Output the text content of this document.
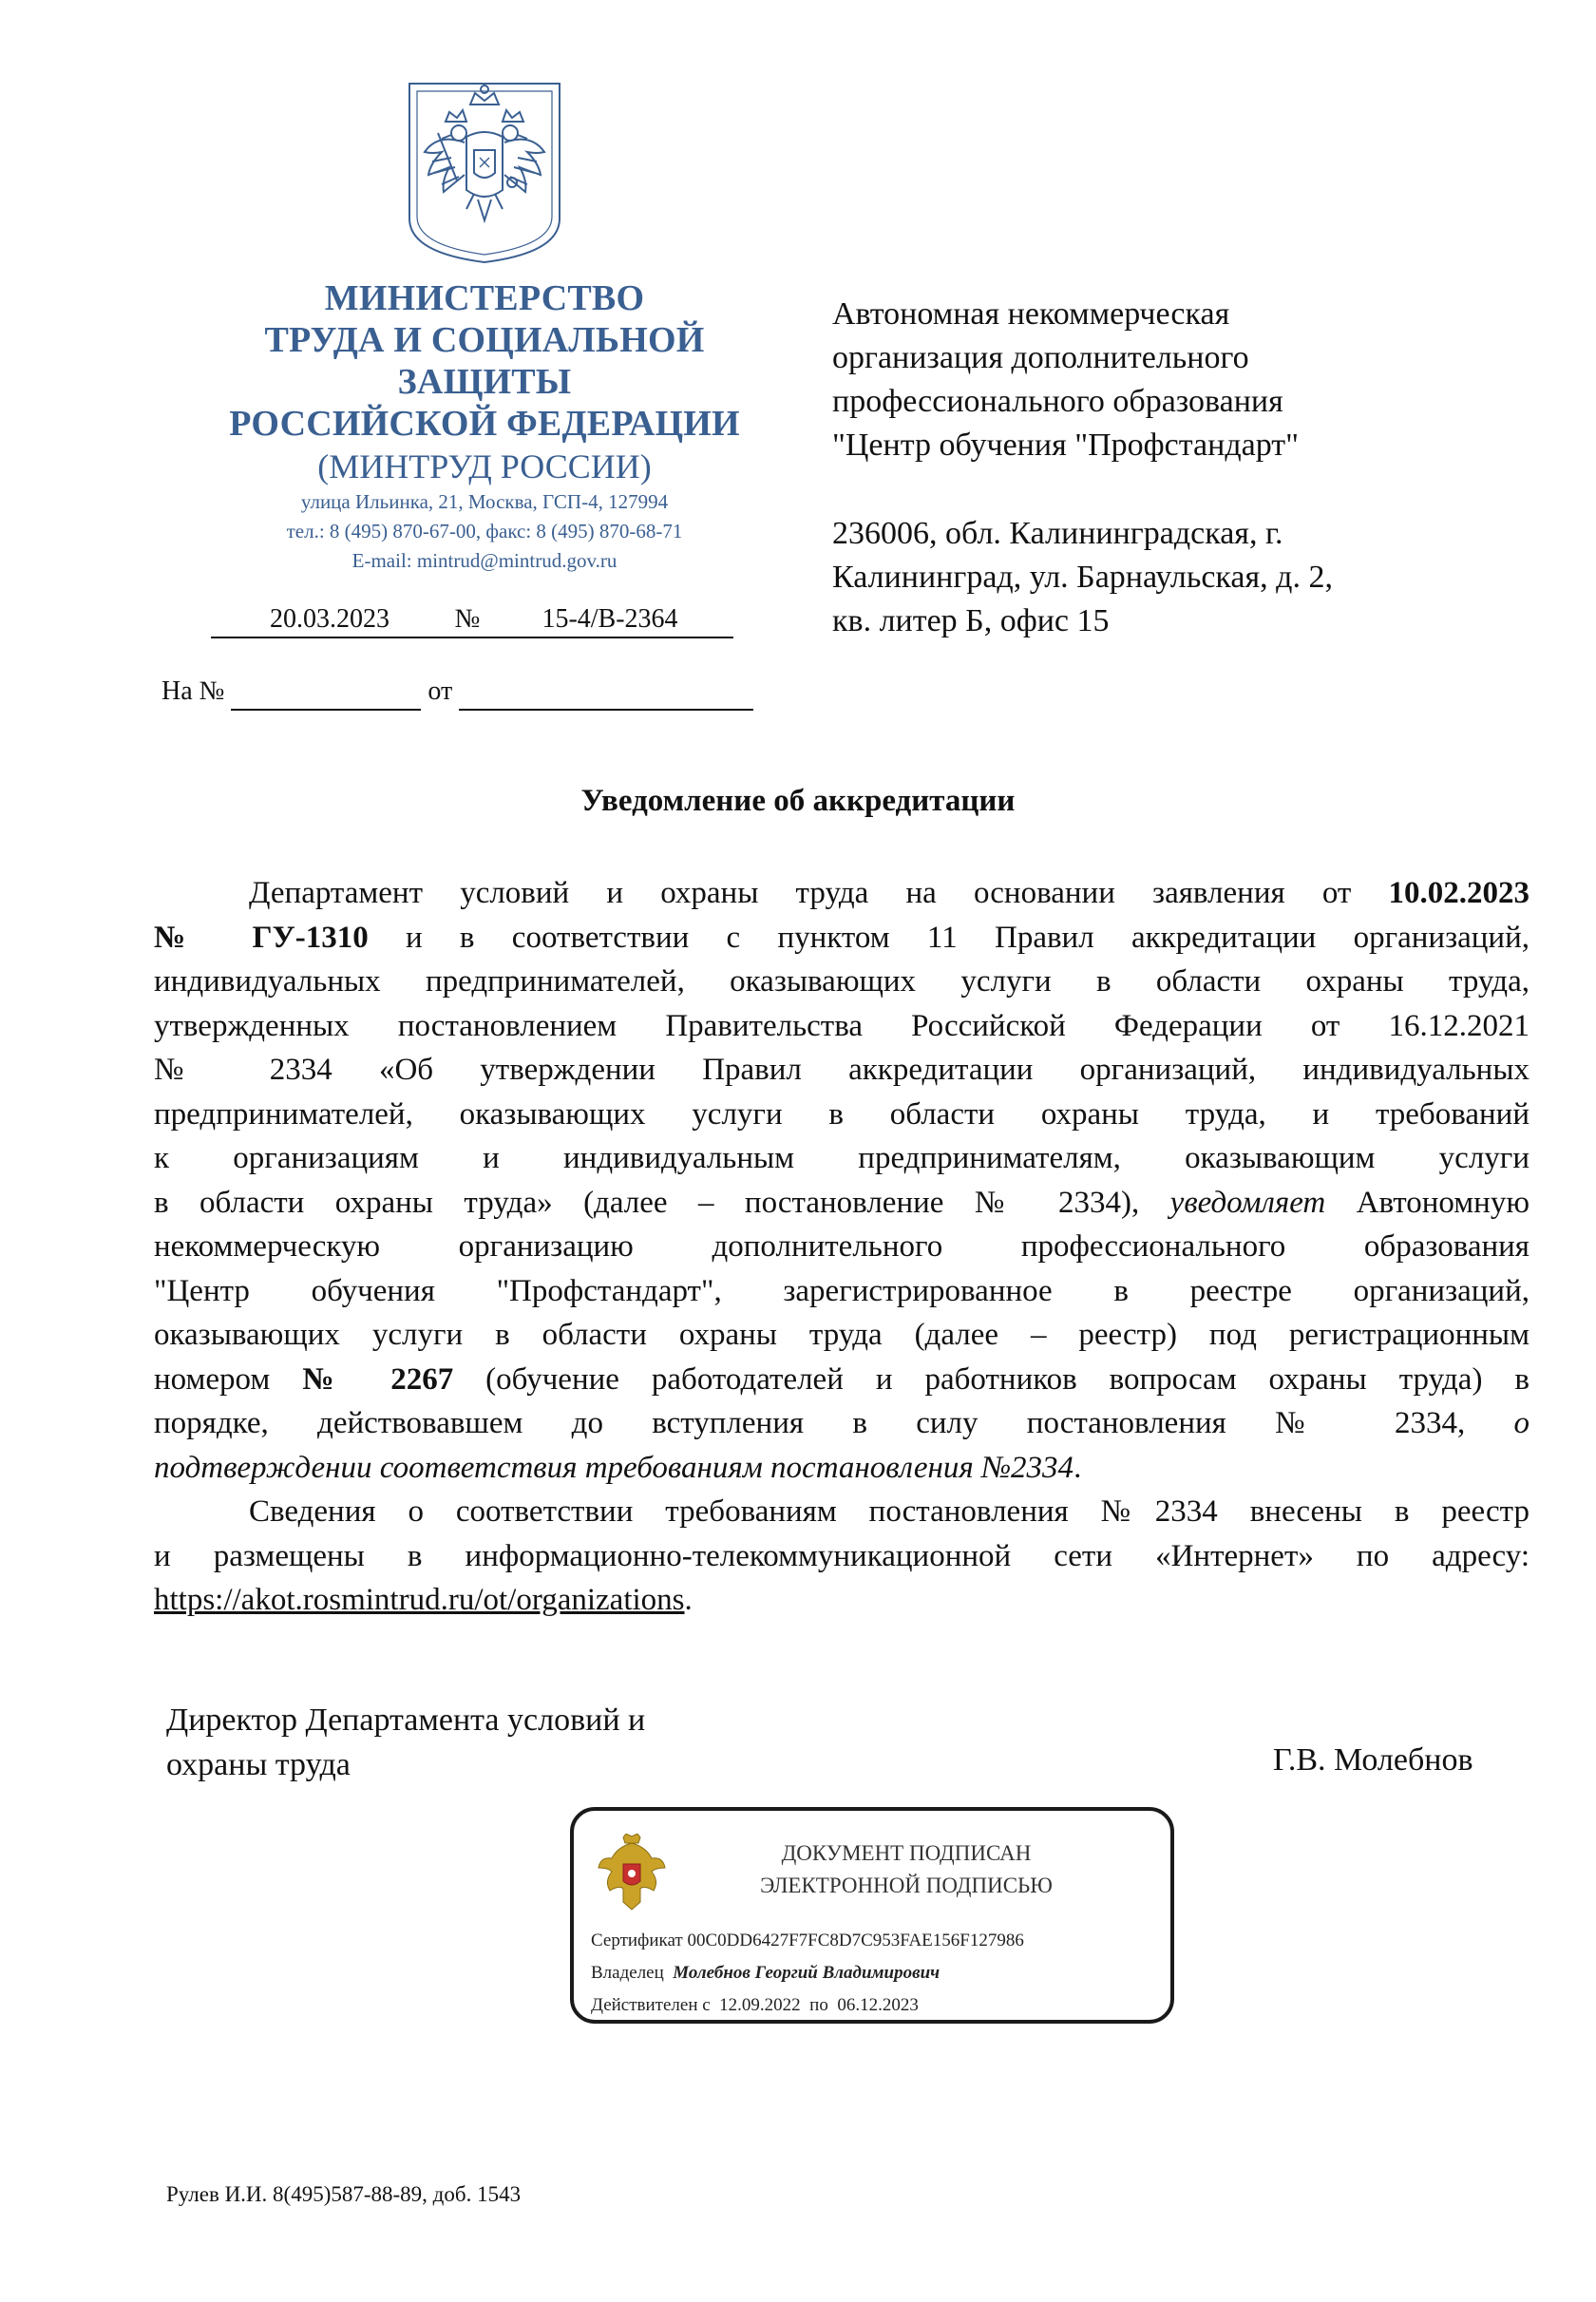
МИНИСТЕРСТВО
ТРУДА И СОЦИАЛЬНОЙ
ЗАЩИТЫ
РОССИЙСКОЙ ФЕДЕРАЦИИ
(МИНТРУД РОССИИ)
улица Ильинка, 21, Москва, ГСП-4, 127994
тел.: 8 (495) 870-67-00, факс: 8 (495) 870-68-71
E-mail: mintrud@mintrud.gov.ru
20.03.2023 № 15-4/В-2364
На №	от
Автономная некоммерческая
организация дополнительного
профессионального образования
"Центр обучения "Профстандарт"
236006, обл. Калининградская, г.
Калининград, ул. Барнаульская, д. 2,
кв. литер Б, офис 15
Уведомление об аккредитации
Департамент условий и охраны труда на основании заявления от 10.02.2023
№ ГУ-1310 и в соответствии с пунктом 11 Правил аккредитации организаций,
индивидуальных предпринимателей, оказывающих услуги в области охраны труда,
утвержденных постановлением Правительства Российской Федерации от 16.12.2021
№ 2334 «Об утверждении Правил аккредитации организаций, индивидуальных
предпринимателей, оказывающих услуги в области охраны труда, и требований
к организациям и индивидуальным предпринимателям, оказывающим услуги
в области охраны труда» (далее – постановление № 2334), уведомляет Автономную
некоммерческую организацию дополнительного профессионального образования
"Центр обучения "Профстандарт", зарегистрированное в реестре организаций,
оказывающих услуги в области охраны труда (далее – реестр) под регистрационным
номером № 2267 (обучение работодателей и работников вопросам охраны труда) в
порядке, действовавшем до вступления в силу постановления № 2334, о
подтверждении соответствия требованиям постановления №2334.
Сведения о соответствии требованиям постановления №2334 внесены в реестр
и размещены в информационно-телекоммуникационной сети «Интернет» по адресу:
https://akot.rosmintrud.ru/ot/organizations.
Директор Департамента условий и
охраны труда	Г.В. Молебнов
ДОКУМЕНТ ПОДПИСАН
ЭЛЕКТРОННОЙ ПОДПИСЬЮ
Сертификат 00C0DD6427F7FC8D7C953FAE156F127986
Владелец Молебнов Георгий Владимирович
Действителен с 12.09.2022 по 06.12.2023
Рулев И.И. 8(495)587-88-89, доб. 1543
